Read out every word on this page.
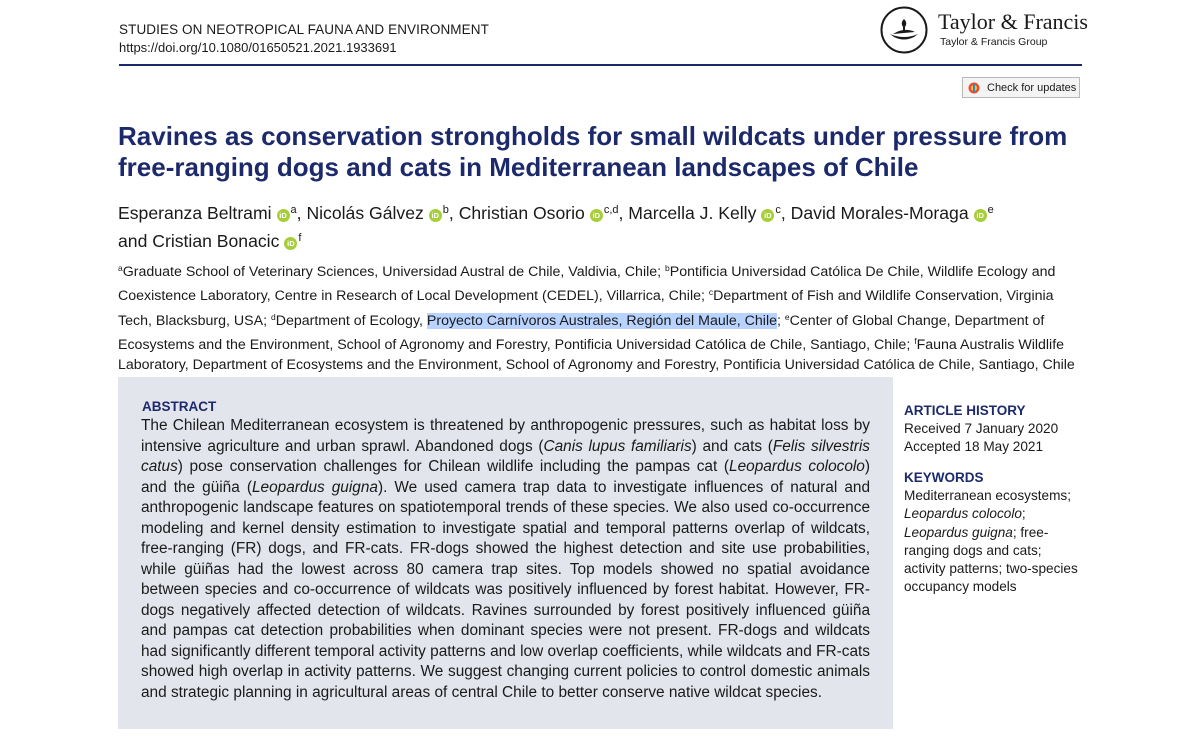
STUDIES ON NEOTROPICAL FAUNA AND ENVIRONMENT
https://doi.org/10.1080/01650521.2021.1933691
Taylor & Francis
Taylor & Francis Group
Check for updates
Ravines as conservation strongholds for small wildcats under pressure from free-ranging dogs and cats in Mediterranean landscapes of Chile
Esperanza Beltrami iD $^a$, Nicolás Gálvez iD $^b$, Christian Osorio iD $^{c,d}$, Marcella J. Kelly iD $^c$, David Morales-Moraga iD $^e$
and Cristian Bonacic iD $^f$
$^a$Graduate School of Veterinary Sciences, Universidad Austral de Chile, Valdivia, Chile; $^b$Pontificia Universidad Católica De Chile, Wildlife Ecology and Coexistence Laboratory, Centre in Research of Local Development (CEDEL), Villarrica, Chile; $^c$Department of Fish and Wildlife Conservation, Virginia Tech, Blacksburg, USA; $^d$Department of Ecology, Proyecto Carnívoros Australes, Región del Maule, Chile; $^e$Center of Global Change, Department of Ecosystems and the Environment, School of Agronomy and Forestry, Pontificia Universidad Católica de Chile, Santiago, Chile; $^f$Fauna Australis Wildlife Laboratory, Department of Ecosystems and the Environment, School of Agronomy and Forestry, Pontificia Universidad Católica de Chile, Santiago, Chile
ABSTRACT
The Chilean Mediterranean ecosystem is threatened by anthropogenic pressures, such as habitat loss by intensive agriculture and urban sprawl. Abandoned dogs (Canis lupus familiaris) and cats (Felis silvestris catus) pose conservation challenges for Chilean wildlife including the pampas cat (Leopardus colocolo) and the güiña (Leopardus guigna). We used camera trap data to investigate influences of natural and anthropogenic landscape features on spatiotemporal trends of these species. We also used co-occurrence modeling and kernel density estimation to investigate spatial and temporal patterns overlap of wildcats, free-ranging (FR) dogs, and FR-cats. FR-dogs showed the highest detection and site use probabilities, while güiñas had the lowest across 80 camera trap sites. Top models showed no spatial avoidance between species and co-occurrence of wildcats was positively influenced by forest habitat. However, FR-dogs negatively affected detection of wildcats. Ravines surrounded by forest positively influenced güiña and pampas cat detection probabilities when dominant species were not present. FR-dogs and wildcats had significantly different temporal activity patterns and low overlap coefficients, while wildcats and FR-cats showed high overlap in activity patterns. We suggest changing current policies to control domestic animals and strategic planning in agricultural areas of central Chile to better conserve native wildcat species.
ARTICLE HISTORY
Received 7 January 2020
Accepted 18 May 2021
KEYWORDS
Mediterranean ecosystems;
Leopardus colocolo;
Leopardus guigna; free-ranging dogs and cats; activity patterns; two-species occupancy models
